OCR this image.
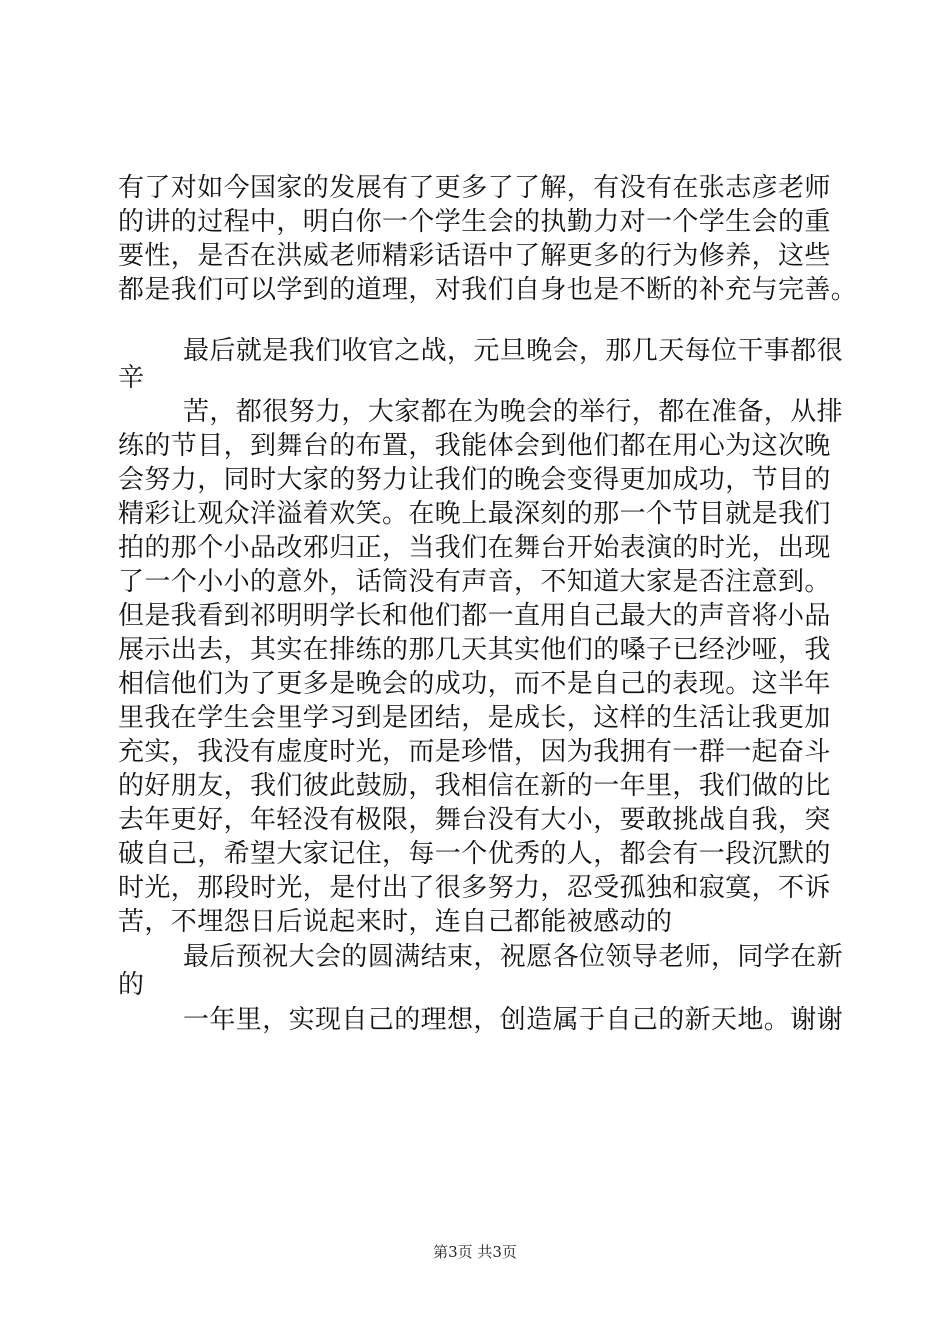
有了对如今国家的发展有了更多了了解，有没有在张志彦老师
的讲的过程中，明白你一个学生会的执勤力对一个学生会的重
要性，是否在洪威老师精彩话语中了解更多的行为修养，这些
都是我们可以学到的道理，对我们自身也是不断的补充与完善。
最后就是我们收官之战，元旦晚会，那几天每位干事都很
辛
苦，都很努力，大家都在为晚会的举行，都在准备，从排
练的节目，到舞台的布置，我能体会到他们都在用心为这次晚
会努力，同时大家的努力让我们的晚会变得更加成功，节目的
精彩让观众洋溢着欢笑。在晚上最深刻的那一个节目就是我们
拍的那个小品改邪归正，当我们在舞台开始表演的时光，出现
了一个小小的意外，话筒没有声音，不知道大家是否注意到。
但是我看到祁明明学长和他们都一直用自己最大的声音将小品
展示出去，其实在排练的那几天其实他们的嗓子已经沙哑，我
相信他们为了更多是晚会的成功，而不是自己的表现。这半年
里我在学生会里学习到是团结，是成长，这样的生活让我更加
充实，我没有虚度时光，而是珍惜，因为我拥有一群一起奋斗
的好朋友，我们彼此鼓励，我相信在新的一年里，我们做的比
去年更好，年轻没有极限，舞台没有大小，要敢挑战自我，突
破自己，希望大家记住，每一个优秀的人，都会有一段沉默的
时光，那段时光，是付出了很多努力，忍受孤独和寂寞，不诉
苦，不埋怨日后说起来时，连自己都能被感动的
最后预祝大会的圆满结束，祝愿各位领导老师，同学在新
的
一年里，实现自己的理想，创造属于自己的新天地。谢谢
第3页 共3页
